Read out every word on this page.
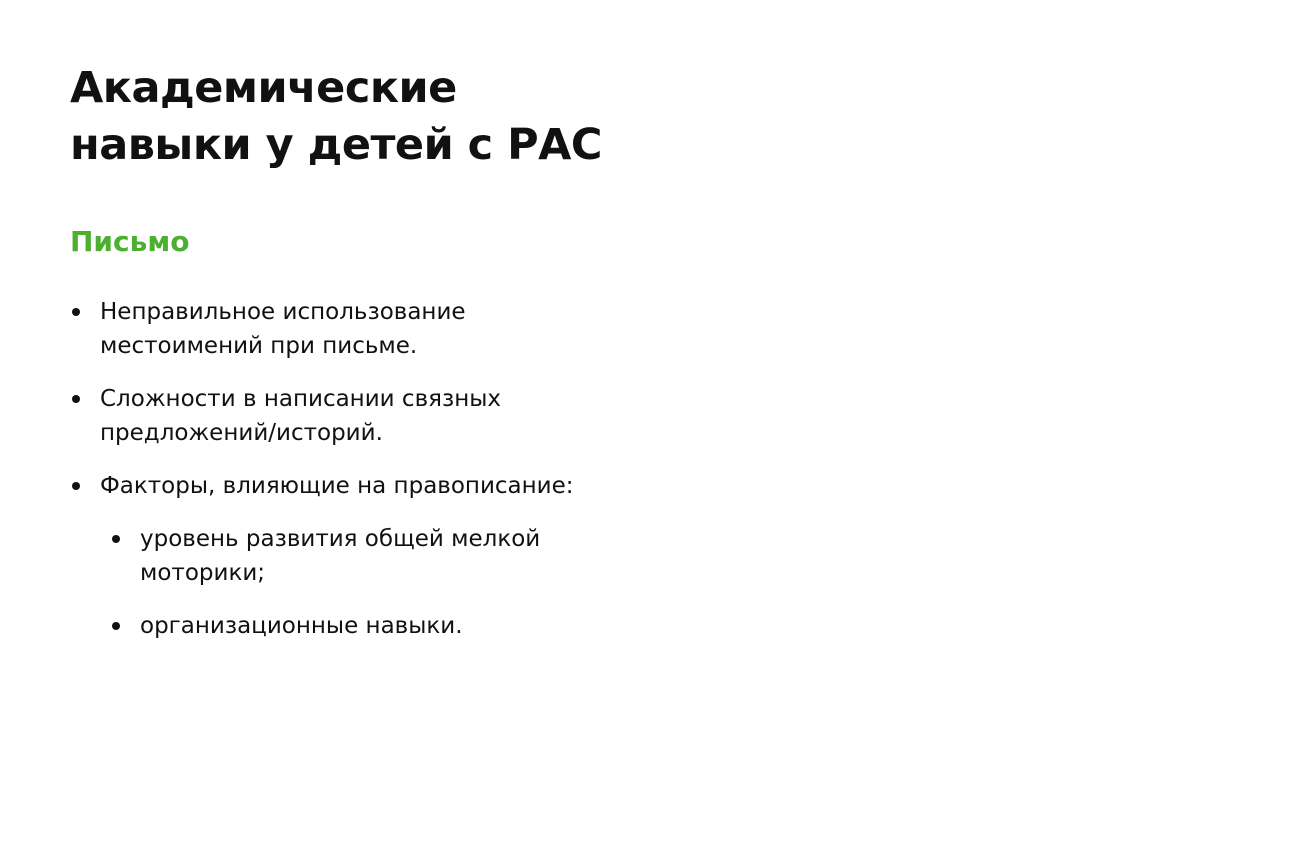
Академические
навыки у детей с РАС
Письмо
Неправильное использование
местоимений при письме.
Сложности в написании связных
предложений/историй.
Факторы, влияющие на правописание:
уровень развития общей мелкой
моторики;
организационные навыки.
